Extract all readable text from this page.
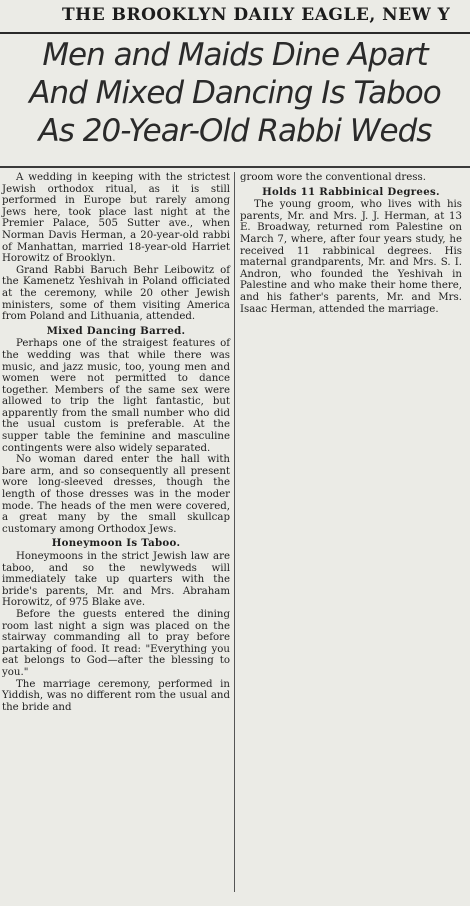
THE BROOKLYN DAILY EAGLE, NEW Y
Men and Maids Dine Apart
And Mixed Dancing Is Taboo
As 20-Year-Old Rabbi Weds

A wedding in keeping with the strictest Jewish orthodox ritual, as it is still performed in Europe but rarely among Jews here, took place last night at the Premier Palace, 505 Sutter ave., when Norman Davis Herman, a 20-year-old rabbi of Manhattan, married 18-year-old Harriet Horowitz of Brooklyn.

Grand Rabbi Baruch Behr Leibowitz of the Kamenetz Yeshivah in Poland officiated at the ceremony, while 20 other Jewish ministers, some of them visiting America from Poland and Lithuania, attended.

Mixed Dancing Barred.

Perhaps one of the straigest features of the wedding was that while there was music, and jazz music, too, young men and women were not permitted to dance together. Members of the same sex were allowed to trip the light fantastic, but apparently from the small number who did the usual custom is preferable. At the supper table the feminine and masculine contingents were also widely separated.

No woman dared enter the hall with bare arm, and so consequently all present wore long-sleeved dresses, though the length of those dresses was in the moder mode. The heads of the men were covered, a great many by the small skullcap customary among Orthodox Jews.

Honeymoon Is Taboo.

Honeymoons in the strict Jewish law are taboo, and so the newlyweds will immediately take up quarters with the bride's parents, Mr. and Mrs. Abraham Horowitz, of 975 Blake ave.

Before the guests entered the dining room last night a sign was placed on the stairway commanding all to pray before partaking of food. It read: "Everything you eat belongs to God—after the blessing to you."

The marriage ceremony, performed in Yiddish, was no different rom the usual and the bride and

groom wore the conventional dress.

Holds 11 Rabbinical Degrees.

The young groom, who lives with his parents, Mr. and Mrs. J. J. Herman, at 13 E. Broadway, returned rom Palestine on March 7, where, after four years study, he received 11 rabbinical degrees. His maternal grandparents, Mr. and Mrs. S. I. Andron, who founded the Yeshivah in Palestine and who make their home there, and his father's parents, Mr. and Mrs. Isaac Herman, attended the marriage.
